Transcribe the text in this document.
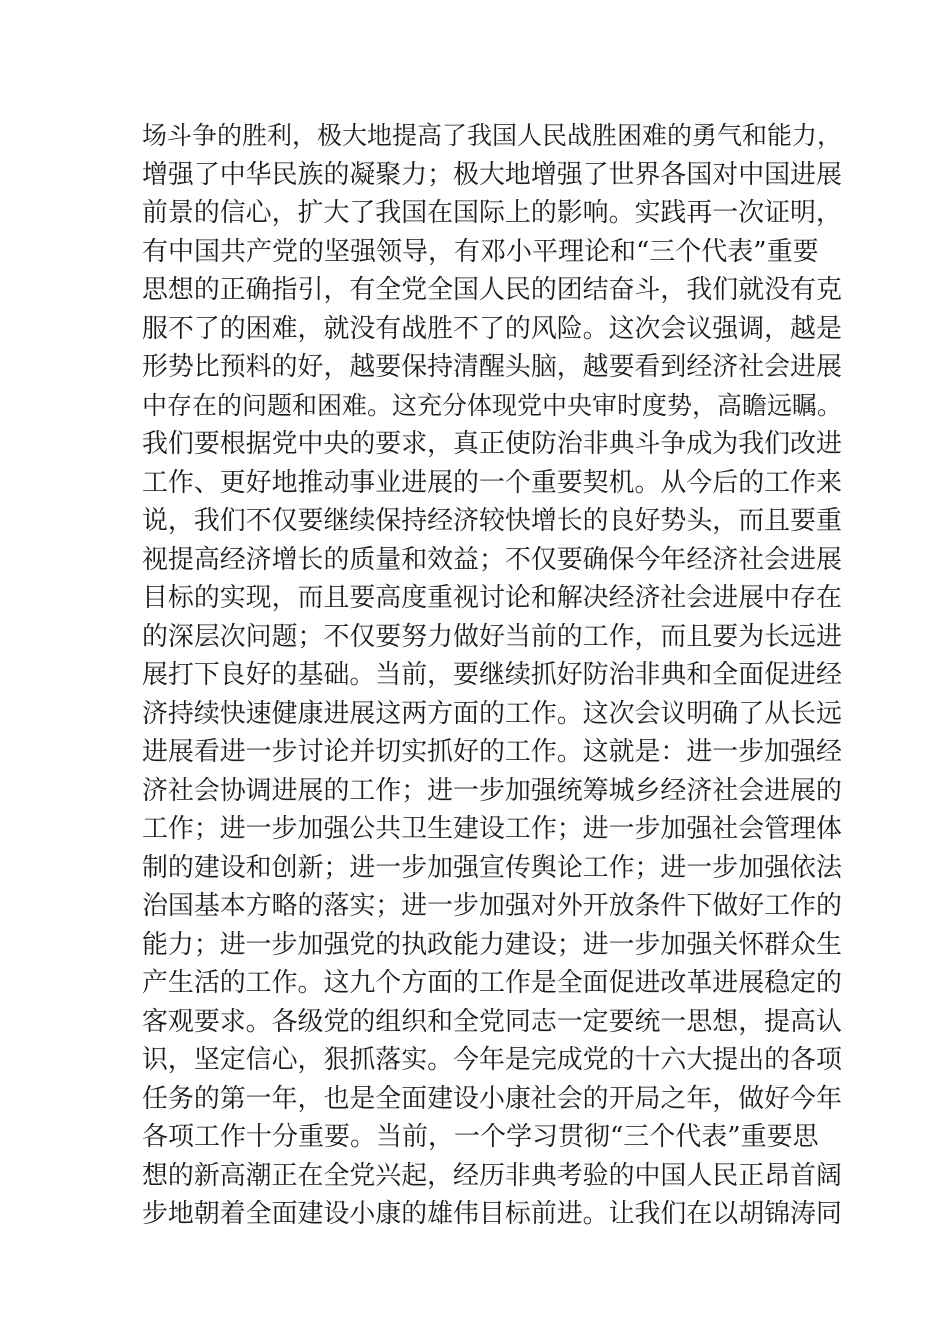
场斗争的胜利，极大地提高了我国人民战胜困难的勇气和能力，
增强了中华民族的凝聚力；极大地增强了世界各国对中国进展
前景的信心，扩大了我国在国际上的影响。实践再一次证明，
有中国共产党的坚强领导，有邓小平理论和“三个代表”重要
思想的正确指引，有全党全国人民的团结奋斗，我们就没有克
服不了的困难，就没有战胜不了的风险。这次会议强调，越是
形势比预料的好，越要保持清醒头脑，越要看到经济社会进展
中存在的问题和困难。这充分体现党中央审时度势，高瞻远瞩。
我们要根据党中央的要求，真正使防治非典斗争成为我们改进
工作、更好地推动事业进展的一个重要契机。从今后的工作来
说，我们不仅要继续保持经济较快增长的良好势头，而且要重
视提高经济增长的质量和效益；不仅要确保今年经济社会进展
目标的实现，而且要高度重视讨论和解决经济社会进展中存在
的深层次问题；不仅要努力做好当前的工作，而且要为长远进
展打下良好的基础。当前，要继续抓好防治非典和全面促进经
济持续快速健康进展这两方面的工作。这次会议明确了从长远
进展看进一步讨论并切实抓好的工作。这就是：进一步加强经
济社会协调进展的工作；进一步加强统筹城乡经济社会进展的
工作；进一步加强公共卫生建设工作；进一步加强社会管理体
制的建设和创新；进一步加强宣传舆论工作；进一步加强依法
治国基本方略的落实；进一步加强对外开放条件下做好工作的
能力；进一步加强党的执政能力建设；进一步加强关怀群众生
产生活的工作。这九个方面的工作是全面促进改革进展稳定的
客观要求。各级党的组织和全党同志一定要统一思想，提高认
识，坚定信心，狠抓落实。今年是完成党的十六大提出的各项
任务的第一年，也是全面建设小康社会的开局之年，做好今年
各项工作十分重要。当前，一个学习贯彻“三个代表”重要思
想的新高潮正在全党兴起，经历非典考验的中国人民正昂首阔
步地朝着全面建设小康的雄伟目标前进。让我们在以胡锦涛同
